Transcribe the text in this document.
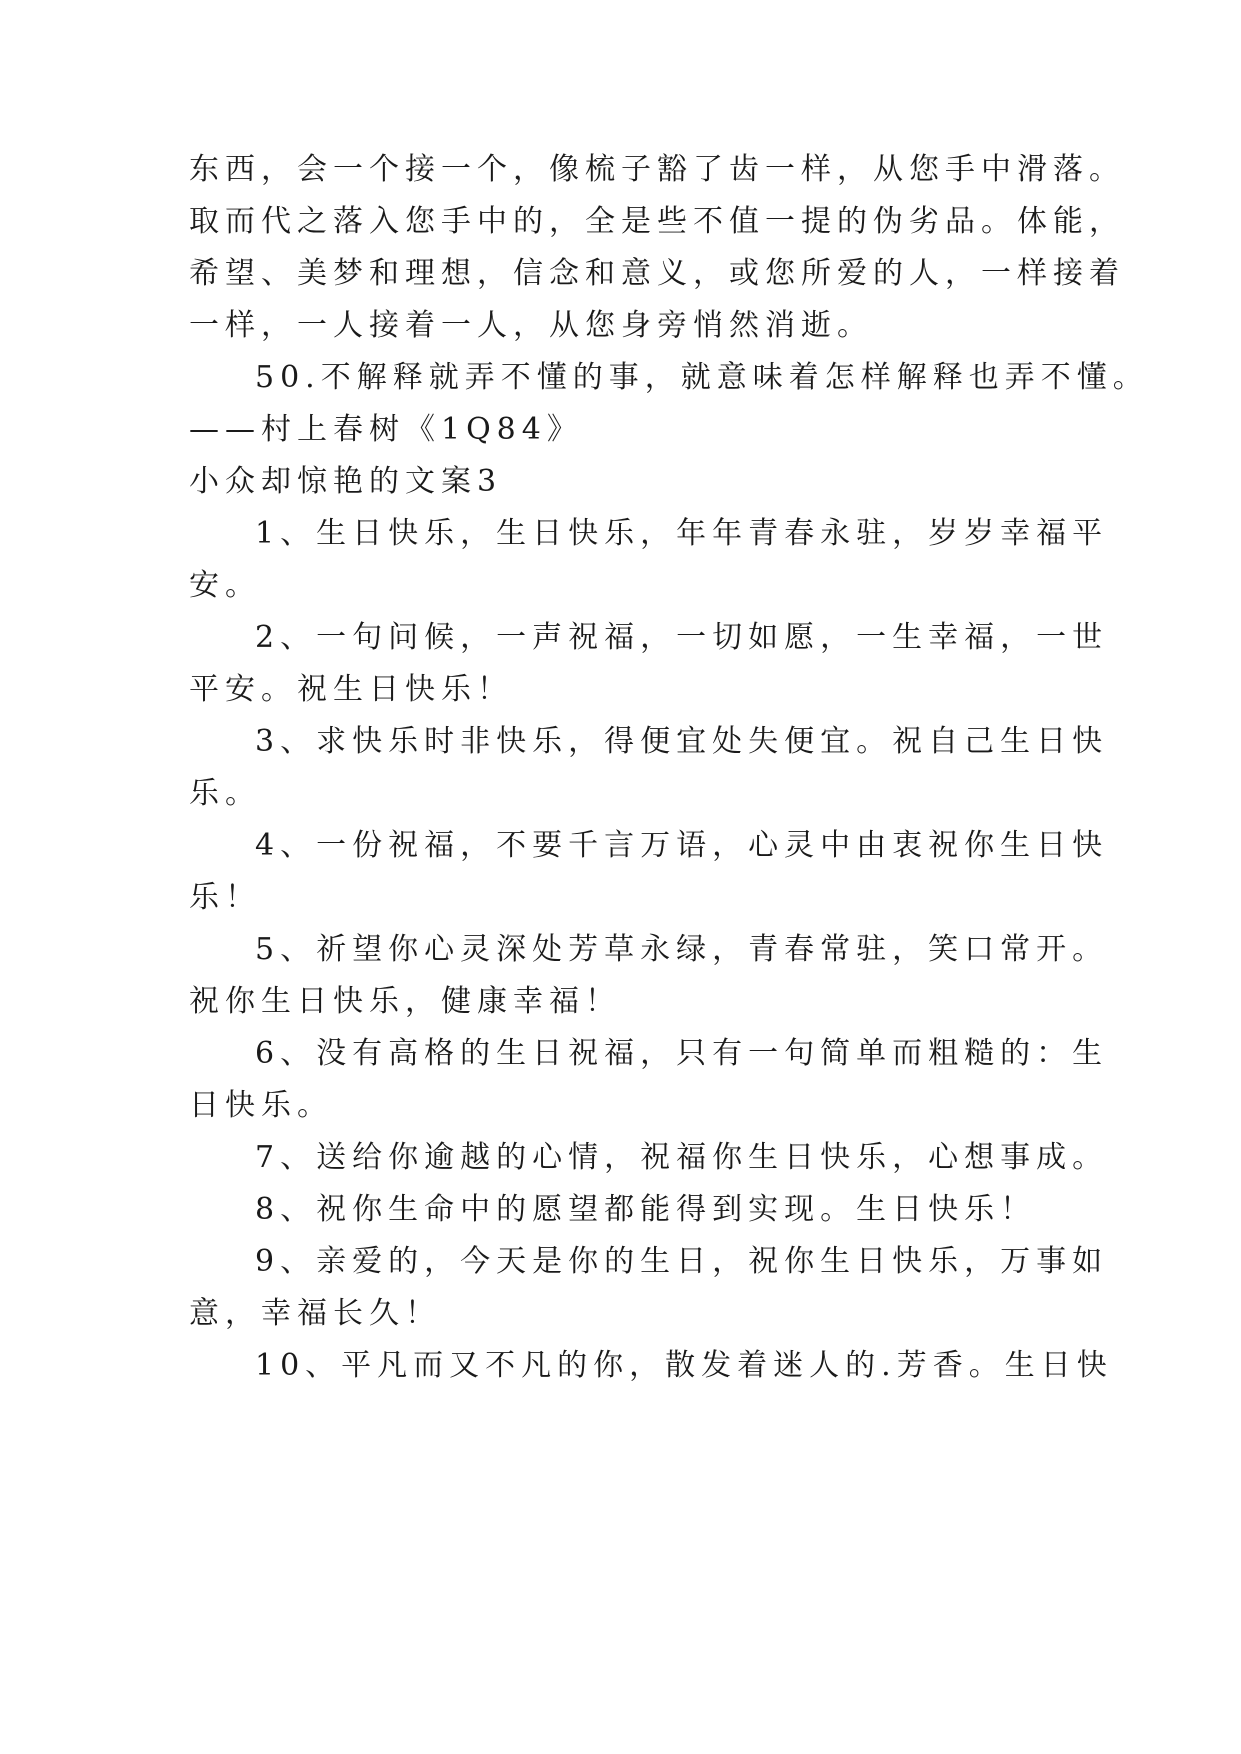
东西，会一个接一个，像梳子豁了齿一样，从您手中滑落。
取而代之落入您手中的，全是些不值一提的伪劣品。体能，
希望、美梦和理想，信念和意义，或您所爱的人，一样接着
一样，一人接着一人，从您身旁悄然消逝。
50.不解释就弄不懂的事，就意味着怎样解释也弄不懂。
——村上春树《1Q84》
小众却惊艳的文案3
1、生日快乐，生日快乐，年年青春永驻，岁岁幸福平
安。
2、一句问候，一声祝福，一切如愿，一生幸福，一世
平安。祝生日快乐！
3、求快乐时非快乐，得便宜处失便宜。祝自己生日快
乐。
4、一份祝福，不要千言万语，心灵中由衷祝你生日快
乐！
5、祈望你心灵深处芳草永绿，青春常驻，笑口常开。
祝你生日快乐，健康幸福！
6、没有高格的生日祝福，只有一句简单而粗糙的：生
日快乐。
7、送给你逾越的心情，祝福你生日快乐，心想事成。
8、祝你生命中的愿望都能得到实现。生日快乐！
9、亲爱的，今天是你的生日，祝你生日快乐，万事如
意，幸福长久！
10、平凡而又不凡的你，散发着迷人的.芳香。生日快
